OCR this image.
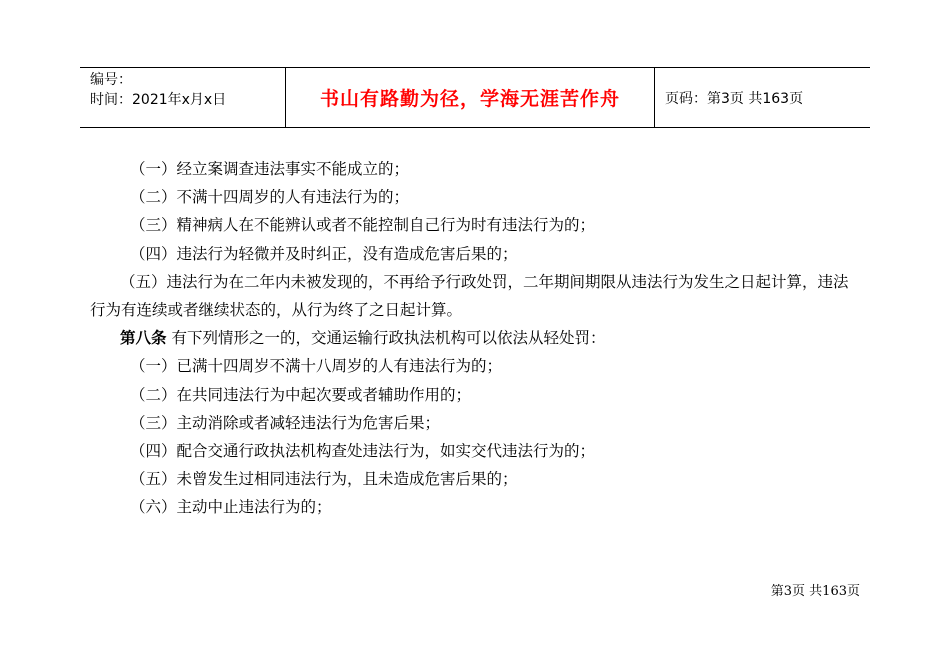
编号：
时间：2021年x月x日	书山有路勤为径，学海无涯苦作舟	页码：第3页 共163页

（一）经立案调查违法事实不能成立的；

（二）不满十四周岁的人有违法行为的；

（三）精神病人在不能辨认或者不能控制自己行为时有违法行为的；

（四）违法行为轻微并及时纠正，没有造成危害后果的；

（五）违法行为在二年内未被发现的，不再给予行政处罚，二年期间期限从违法行为发生之日起计算，违法行为有连续或者继续状态的，从行为终了之日起计算。

第八条 有下列情形之一的，交通运输行政执法机构可以依法从轻处罚：

（一）已满十四周岁不满十八周岁的人有违法行为的；

（二）在共同违法行为中起次要或者辅助作用的；

（三）主动消除或者减轻违法行为危害后果；

（四）配合交通行政执法机构查处违法行为，如实交代违法行为的；

（五）未曾发生过相同违法行为，且未造成危害后果的；

（六）主动中止违法行为的；

第3页 共163页
